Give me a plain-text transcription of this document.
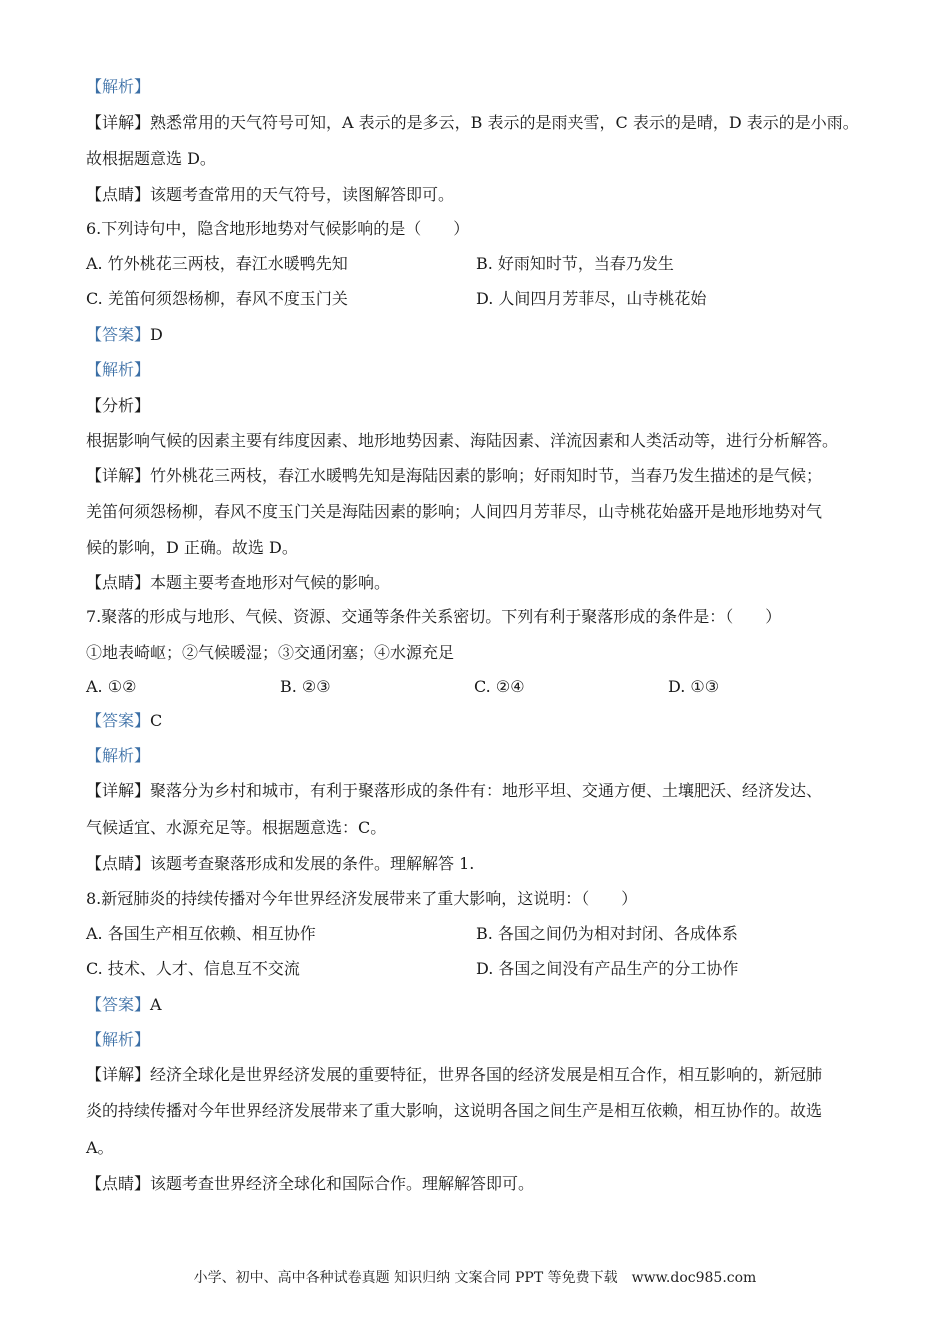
【解析】
【详解】熟悉常用的天气符号可知，A 表示的是多云，B 表示的是雨夹雪，C 表示的是晴，D 表示的是小雨。
故根据题意选 D。
【点睛】该题考查常用的天气符号，读图解答即可。
6.下列诗句中，隐含地形地势对气候影响的是（　　）
A. 竹外桃花三两枝，春江水暖鸭先知	B. 好雨知时节，当春乃发生
C. 羌笛何须怨杨柳，春风不度玉门关	D. 人间四月芳菲尽，山寺桃花始
【答案】D
【解析】
【分析】
根据影响气候的因素主要有纬度因素、地形地势因素、海陆因素、洋流因素和人类活动等，进行分析解答。
【详解】竹外桃花三两枝，春江水暖鸭先知是海陆因素的影响；好雨知时节，当春乃发生描述的是气候；
羌笛何须怨杨柳，春风不度玉门关是海陆因素的影响；人间四月芳菲尽，山寺桃花始盛开是地形地势对气
候的影响，D 正确。故选 D。
【点睛】本题主要考查地形对气候的影响。
7.聚落的形成与地形、气候、资源、交通等条件关系密切。下列有利于聚落形成的条件是：（　　）
①地表崎岖；②气候暖湿；③交通闭塞；④水源充足
A. ①②	B. ②③	C. ②④	D. ①③
【答案】C
【解析】
【详解】聚落分为乡村和城市，有利于聚落形成的条件有：地形平坦、交通方便、土壤肥沃、经济发达、
气候适宜、水源充足等。根据题意选：C。
【点睛】该题考查聚落形成和发展的条件。理解解答 1.
8.新冠肺炎的持续传播对今年世界经济发展带来了重大影响，这说明：（　　）
A. 各国生产相互依赖、相互协作	B. 各国之间仍为相对封闭、各成体系
C. 技术、人才、信息互不交流	D. 各国之间没有产品生产的分工协作
【答案】A
【解析】
【详解】经济全球化是世界经济发展的重要特征，世界各国的经济发展是相互合作，相互影响的，新冠肺
炎的持续传播对今年世界经济发展带来了重大影响，这说明各国之间生产是相互依赖，相互协作的。故选
A。
【点睛】该题考查世界经济全球化和国际合作。理解解答即可。
小学、初中、高中各种试卷真题 知识归纳 文案合同 PPT 等免费下载　www.doc985.com
